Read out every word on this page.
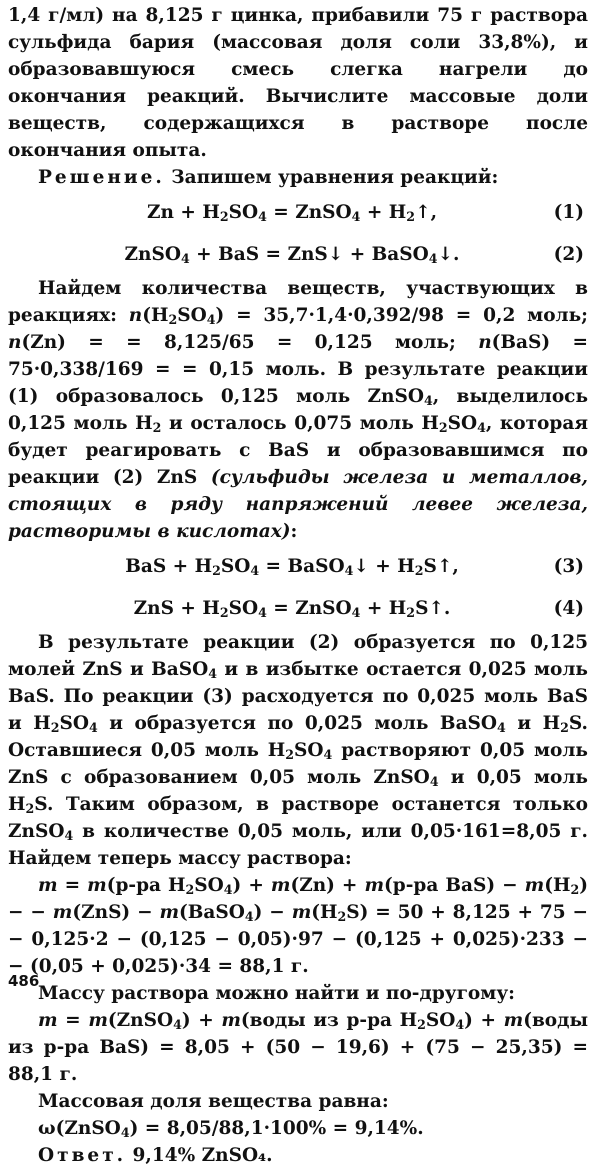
1,4 г/мл) на 8,125 г цинка, прибавили 75 г раствора сульфида бария (массовая доля соли 33,8%), и образовавшуюся смесь слегка нагрели до окончания реакций. Вычислите массовые доли веществ, содержащихся в растворе после окончания опыта.

Решение. Запишем уравнения реакций:

$Zn + H_2SO_4$ = ZnSO$_4$ + $H_2↑$,	(1)
ZnSO$_4$ + BaS = ZnS↓ + BaSO$_4$↓.	(2)

Найдем количества веществ, участвующих в реакциях: $n(H_2SO_4) = 35,7\cdot 1,4\cdot 0,392/98 = 0,2$ моль; n(Zn) = = 8,125/65 = 0,125 моль; n(BaS) = 75·0,338/169 = = 0,15 моль. В результате реакции (1) образовалось 0,125 моль ZnSO$_4$, выделилось 0,125 моль $H_2$ и осталось 0,075 моль $H_2SO_4$, которая будет реагировать с BaS и образовавшимся по реакции (2) ZnS (сульфиды железа и металлов, стоящих в ряду напряжений левее железа, растворимы в кислотах):

BaS + $H_2SO_4$ = BaSO$_4$↓ + $H_2S↑$,	(3)
ZnS + $H_2SO_4$ = ZnSO$_4$ + $H_2S↑$.	(4)

В результате реакции (2) образуется по 0,125 молей ZnS и BaSO$_4$ и в избытке остается 0,025 моль BaS. По реакции (3) расходуется по 0,025 моль BaS и $H_2SO_4$ и образуется по 0,025 моль BaSO$_4$ и $H_2S$. Оставшиеся 0,05 моль $H_2SO_4$ растворяют 0,05 моль ZnS с образованием 0,05 моль ZnSO$_4$ и 0,05 моль $H_2S$. Таким образом, в растворе останется только ZnSO$_4$ в количестве 0,05 моль, или 0,05·161=8,05 г. Найдем теперь массу раствора:

m = m(р-ра $H_2SO_4) + m(Zn) + m(р-ра$ $BaS) - m(H_2)$ − − m(ZnS) − m(BaSO$_4$) − $m(H_2S) = 50 + 8,125 + 75$ − − 0,125·2 − (0,125 − 0,05)·97 − (0,125 + 0,025)·233 − − (0,05 + 0,025)·34 = 88,1 г.

Массу раствора можно найти и по-другому:

m = m(ZnSO$_4$) + m(воды из р-ра $H_2SO_4$) + m(воды из р-ра BaS) = 8,05 + (50 − 19,6) + (75 − 25,35) = 88,1 г.

Массовая доля вещества равна:

ω(ZnSO$_4$) = 8,05/88,1·100% = 9,14%.

Ответ. 9,14% ZnSO₄.

486
